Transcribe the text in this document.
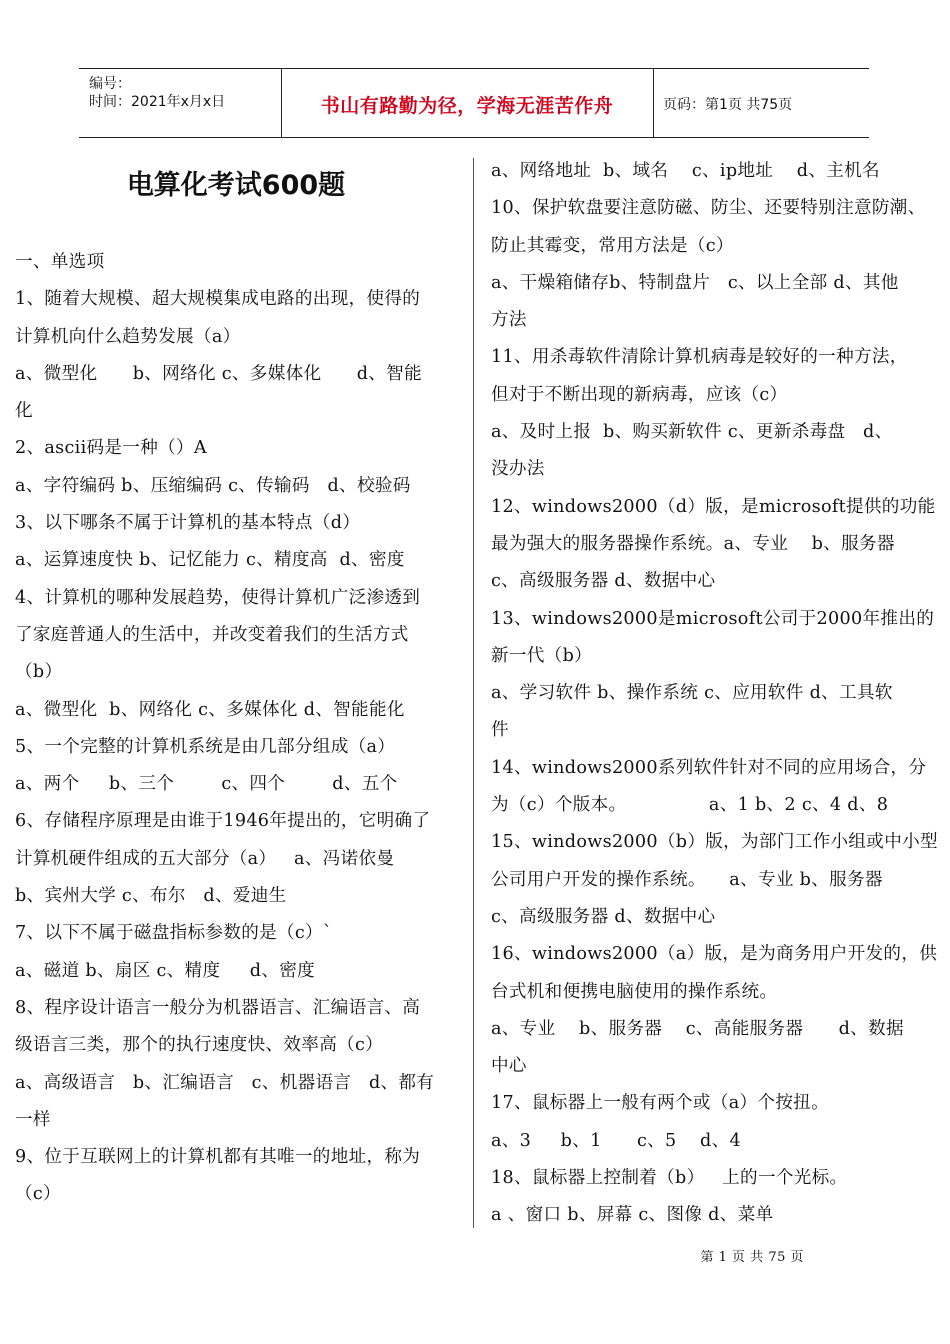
编号：
时间：2021年x月x日	书山有路勤为径，学海无涯苦作舟	页码：第1页 共75页
电算化考试600题
一、单选项
1、随着大规模、超大规模集成电路的出现，使得的
计算机向什么趋势发展（a）
a、微型化      b、网络化 c、多媒体化      d、智能
化
2、ascii码是一种（）A
a、字符编码 b、压缩编码 c、传输码   d、校验码
3、以下哪条不属于计算机的基本特点（d）
a、运算速度快 b、记忆能力 c、精度高  d、密度
4、计算机的哪种发展趋势，使得计算机广泛渗透到
了家庭普通人的生活中，并改变着我们的生活方式
（b）
a、微型化  b、网络化 c、多媒体化 d、智能能化
5、一个完整的计算机系统是由几部分组成（a）
a、两个     b、三个        c、四个        d、五个
6、存储程序原理是由谁于1946年提出的，它明确了
计算机硬件组成的五大部分（a）   a、冯诺依曼
b、宾州大学 c、布尔   d、爱迪生
7、以下不属于磁盘指标参数的是（c）`
a、磁道 b、扇区 c、精度     d、密度
8、程序设计语言一般分为机器语言、汇编语言、高
级语言三类，那个的执行速度快、效率高（c）
a、高级语言   b、汇编语言   c、机器语言   d、都有
一样
9、位于互联网上的计算机都有其唯一的地址，称为
（c）
a、网络地址  b、域名    c、ip地址    d、主机名
10、保护软盘要注意防磁、防尘、还要特别注意防潮、
防止其霉变，常用方法是（c）
a、干燥箱储存b、特制盘片   c、以上全部 d、其他
方法
11、用杀毒软件清除计算机病毒是较好的一种方法，
但对于不断出现的新病毒，应该（c）
a、及时上报  b、购买新软件 c、更新杀毒盘   d、
没办法
12、windows2000（d）版，是microsoft提供的功能
最为强大的服务器操作系统。a、专业    b、服务器
c、高级服务器 d、数据中心
13、windows2000是microsoft公司于2000年推出的
新一代（b）
a、学习软件 b、操作系统 c、应用软件 d、工具软
件
14、windows2000系列软件针对不同的应用场合，分
为（c）个版本。              a、1 b、2 c、4 d、8
15、windows2000（b）版，为部门工作小组或中小型
公司用户开发的操作系统。    a、专业 b、服务器
c、高级服务器 d、数据中心
16、windows2000（a）版，是为商务用户开发的，供
台式机和便携电脑使用的操作系统。
a、专业    b、服务器    c、高能服务器      d、数据
中心
17、鼠标器上一般有两个或（a）个按扭。
a、3     b、1      c、5    d、4
18、鼠标器上控制着（b）   上的一个光标。
a 、窗口 b、屏幕 c、图像 d、菜单
第 1 页 共 75 页
